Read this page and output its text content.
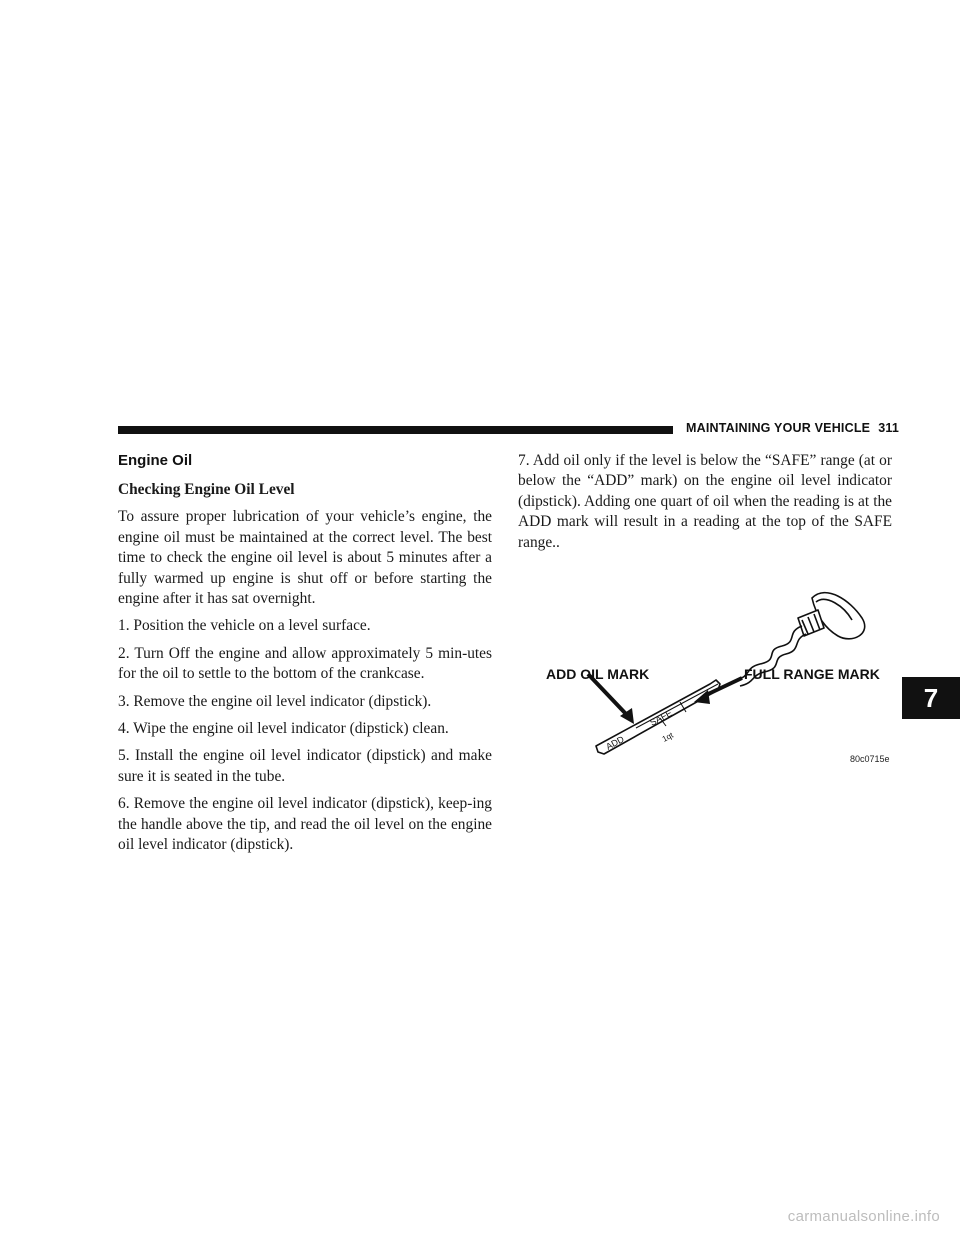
MAINTAINING YOUR VEHICLE 311
Engine Oil

Checking Engine Oil Level

To assure proper lubrication of your vehicle’s engine, the engine oil must be maintained at the correct level. The best time to check the engine oil level is about 5 minutes after a fully warmed up engine is shut off or before starting the engine after it has sat overnight.

1. Position the vehicle on a level surface.

2. Turn Off the engine and allow approximately 5 min-utes for the oil to settle to the bottom of the crankcase.

3. Remove the engine oil level indicator (dipstick).

4. Wipe the engine oil level indicator (dipstick) clean.

5. Install the engine oil level indicator (dipstick) and make sure it is seated in the tube.

6. Remove the engine oil level indicator (dipstick), keep-ing the handle above the tip, and read the oil level on the engine oil level indicator (dipstick).

7. Add oil only if the level is below the “SAFE” range (at or below the “ADD” mark) on the engine oil level indicator (dipstick). Adding one quart of oil when the reading is at the ADD mark will result in a reading at the top of the SAFE range..

ADD
SAFE
1qt
ADD OIL MARK	FULL RANGE MARK
80c0715e
7
carmanualsonline.info
